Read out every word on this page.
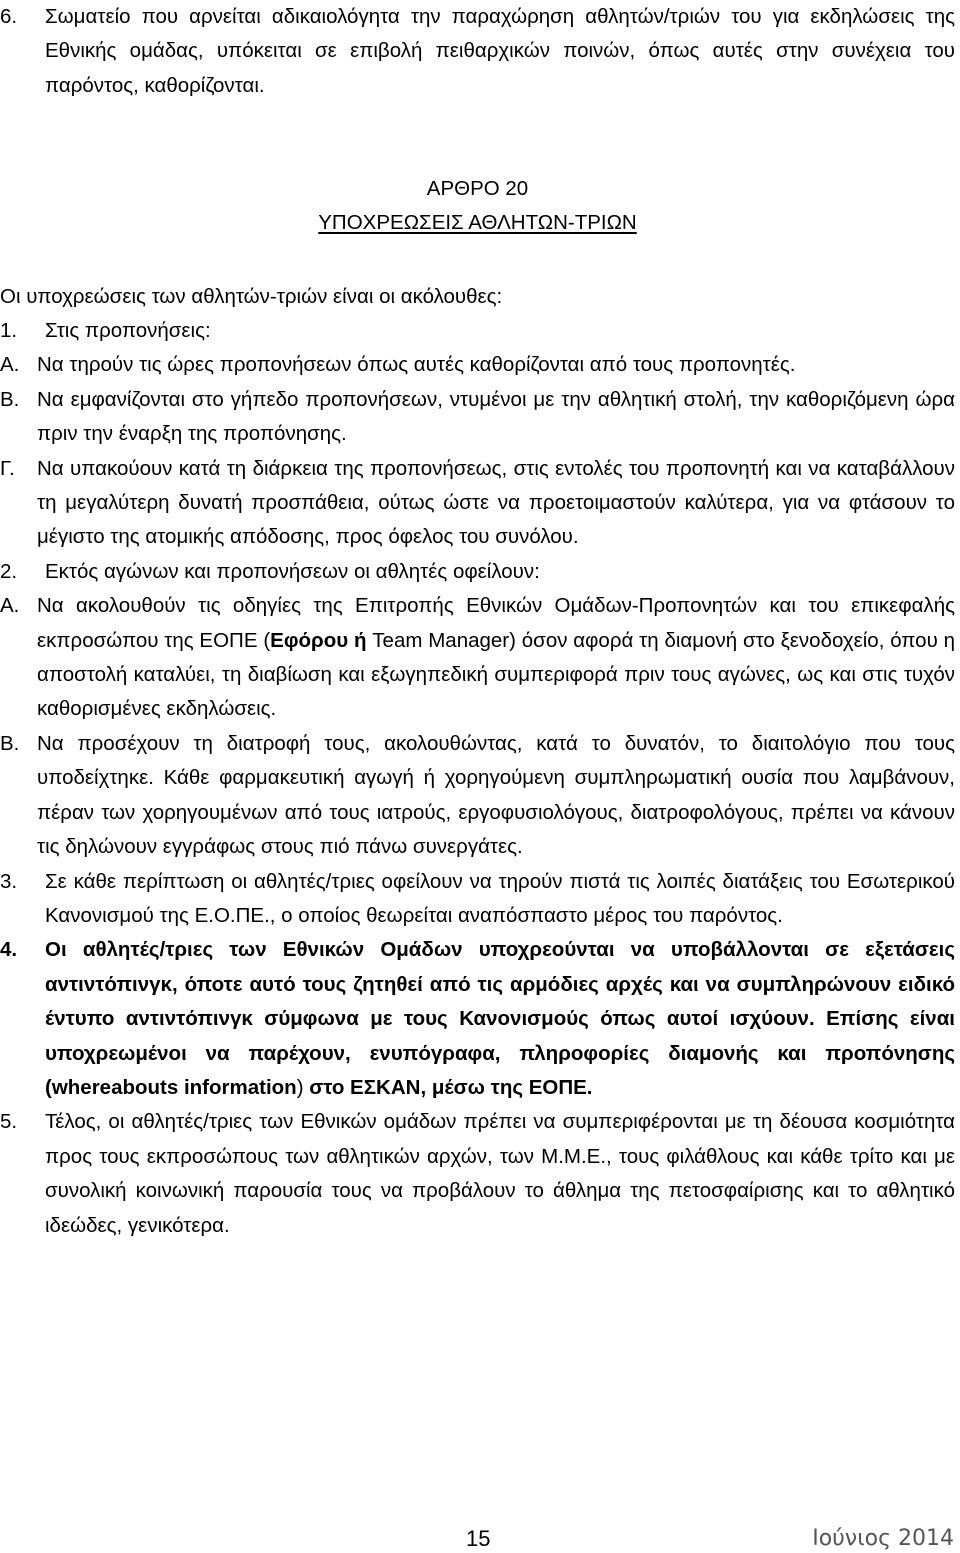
6.	Σωματείο που αρνείται αδικαιολόγητα την παραχώρηση αθλητών/τριών του για εκδηλώσεις της Εθνικής ομάδας, υπόκειται σε επιβολή πειθαρχικών ποινών, όπως αυτές στην συνέχεια του παρόντος, καθορίζονται.
ΑΡΘΡΟ 20
ΥΠΟΧΡΕΩΣΕΙΣ ΑΘΛΗΤΩΝ-ΤΡΙΩΝ
Οι υποχρεώσεις των αθλητών-τριών είναι οι ακόλουθες:
1.	Στις προπονήσεις:
Α. Να τηρούν τις ώρες προπονήσεων όπως αυτές καθορίζονται από τους προπονητές.
Β. Να εμφανίζονται στο γήπεδο προπονήσεων, ντυμένοι με την αθλητική στολή, την καθοριζόμενη ώρα πριν την έναρξη της προπόνησης.
Γ.	Να υπακούουν κατά τη διάρκεια της προπονήσεως, στις εντολές του προπονητή και να καταβάλλουν τη μεγαλύτερη δυνατή προσπάθεια, ούτως ώστε να προετοιμαστούν καλύτερα, για να φτάσουν το μέγιστο της ατομικής απόδοσης, προς όφελος του συνόλου.
2.	Εκτός αγώνων και προπονήσεων οι αθλητές οφείλουν:
Α. Να ακολουθούν τις οδηγίες της Επιτροπής Εθνικών Ομάδων-Προπονητών και του επικεφαλής εκπροσώπου της ΕΟΠΕ (Εφόρου ή Team Manager) όσον αφορά τη διαμονή στο ξενοδοχείο, όπου η αποστολή καταλύει, τη διαβίωση και εξωγηπεδική συμπεριφορά πριν τους αγώνες, ως και στις τυχόν καθορισμένες εκδηλώσεις.
Β. Να προσέχουν τη διατροφή τους, ακολουθώντας, κατά το δυνατόν, το διαιτολόγιο που τους υποδείχτηκε. Κάθε φαρμακευτική αγωγή ή χορηγούμενη συμπληρωματική ουσία που λαμβάνουν, πέραν των χορηγουμένων από τους ιατρούς, εργοφυσιολόγους, διατροφολόγους, πρέπει να κάνουν τις δηλώνουν εγγράφως στους πιό πάνω συνεργάτες.
3.	Σε κάθε περίπτωση οι αθλητές/τριες οφείλουν να τηρούν πιστά τις λοιπές διατάξεις του Εσωτερικού Κανονισμού της Ε.Ο.ΠΕ., ο οποίος θεωρείται αναπόσπαστο μέρος του παρόντος.
4.	Οι αθλητές/τριες των Εθνικών Ομάδων υποχρεούνται να υποβάλλονται σε εξετάσεις αντιντόπινγκ, όποτε αυτό τους ζητηθεί από τις αρμόδιες αρχές και να συμπληρώνουν ειδικό έντυπο αντιντόπινγκ σύμφωνα με τους Κανονισμούς όπως αυτοί ισχύουν. Επίσης είναι υποχρεωμένοι να παρέχουν, ενυπόγραφα, πληροφορίες διαμονής και προπόνησης (whereabouts information) στο ΕΣΚΑΝ, μέσω της ΕΟΠΕ.
5.	Τέλος, οι αθλητές/τριες των Εθνικών ομάδων πρέπει να συμπεριφέρονται με τη δέουσα κοσμιότητα προς τους εκπροσώπους των αθλητικών αρχών, των Μ.Μ.Ε., τους φιλάθλους και κάθε τρίτο και με συνολική κοινωνική παρουσία τους να προβάλουν το άθλημα της πετοσφαίρισης και το αθλητικό ιδεώδες, γενικότερα.
15	Ιούνιος 2014
